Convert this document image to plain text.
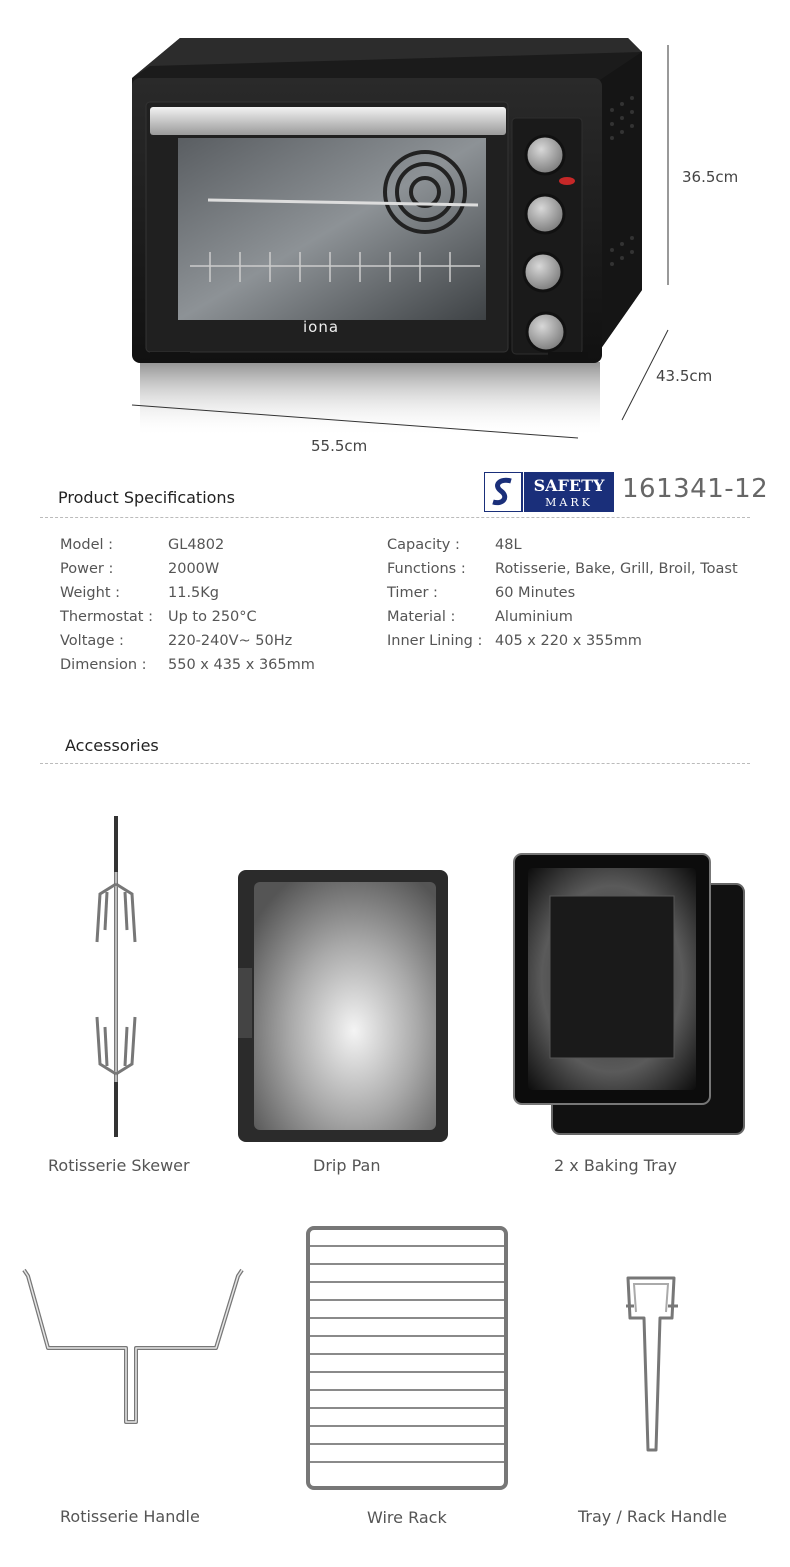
iona
36.5cm
43.5cm
55.5cm
Product Specifications
SAFETY
MARK 161341-12
Model :	GL4802
Power :	2000W
Weight :	11.5Kg
Thermostat : Up to 250°C
Voltage :	220-240V~ 50Hz
Dimension : 550 x 435 x 365mm
Capacity : 48L
Functions : Rotisserie, Bake, Grill, Broil, Toast
Timer :	60 Minutes
Material :	Aluminium
Inner Lining : 405 x 220 x 355mm
Accessories
Rotisserie Skewer	Drip Pan	2 x Baking Tray
Rotisserie Handle	Wire Rack	Tray / Rack Handle
